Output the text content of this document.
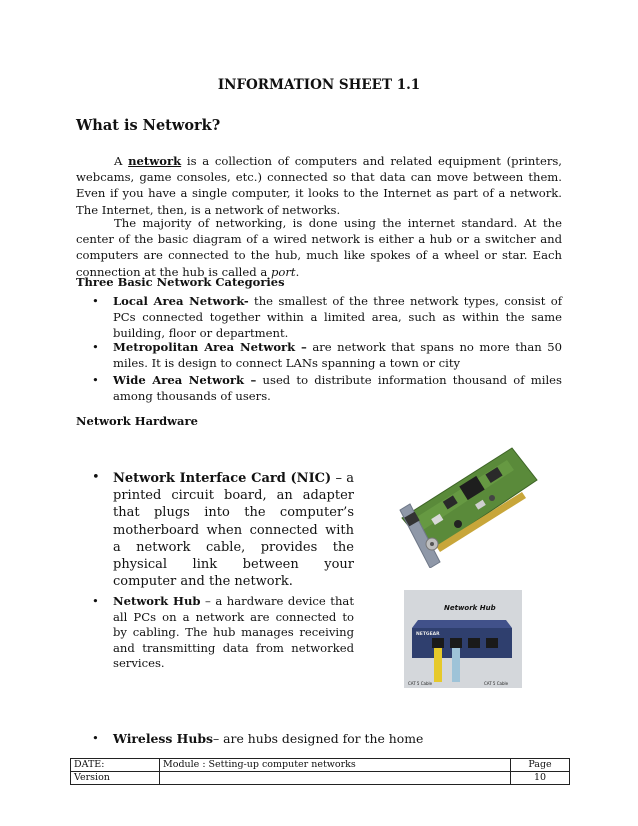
INFORMATION SHEET 1.1
What is Network?

A network is a collection of computers and related equipment (printers, webcams, game consoles, etc.) connected so that data can move between them. Even if you have a single computer, it looks to the Internet as part of a network. The Internet, then, is a network of networks.

The majority of networking, is done using the internet standard. At the center of the basic diagram of a wired network is either a hub or a switcher and computers are connected to the hub, much like spokes of a wheel or star. Each connection at the hub is called a port.

Three Basic Network Categories
• Local Area Network- the smallest of the three network types, consist of PCs connected together within a limited area, such as within the same building, floor or department.

• Metropolitan Area Network – are network that spans no more than 50 miles. It is design to connect LANs spanning a town or city

• Wide Area Network – used to distribute information thousand of miles among thousands of users.

Network Hardware
• Network Interface Card (NIC) – a printed circuit board, an adapter that plugs into the computer’s motherboard when connected with a network cable, provides the physical link between your computer and the network.

• Network Hub – a hardware device that all PCs on a network are connected to by cabling. The hub manages receiving and transmitting data from networked services.

Network Hub
NETGEAR
CAT 5 Cable	CAT 5 Cable
• Wireless Hubs– are hubs designed for the home

DATE:	Module : Setting-up computer networks	Page
Version		10
